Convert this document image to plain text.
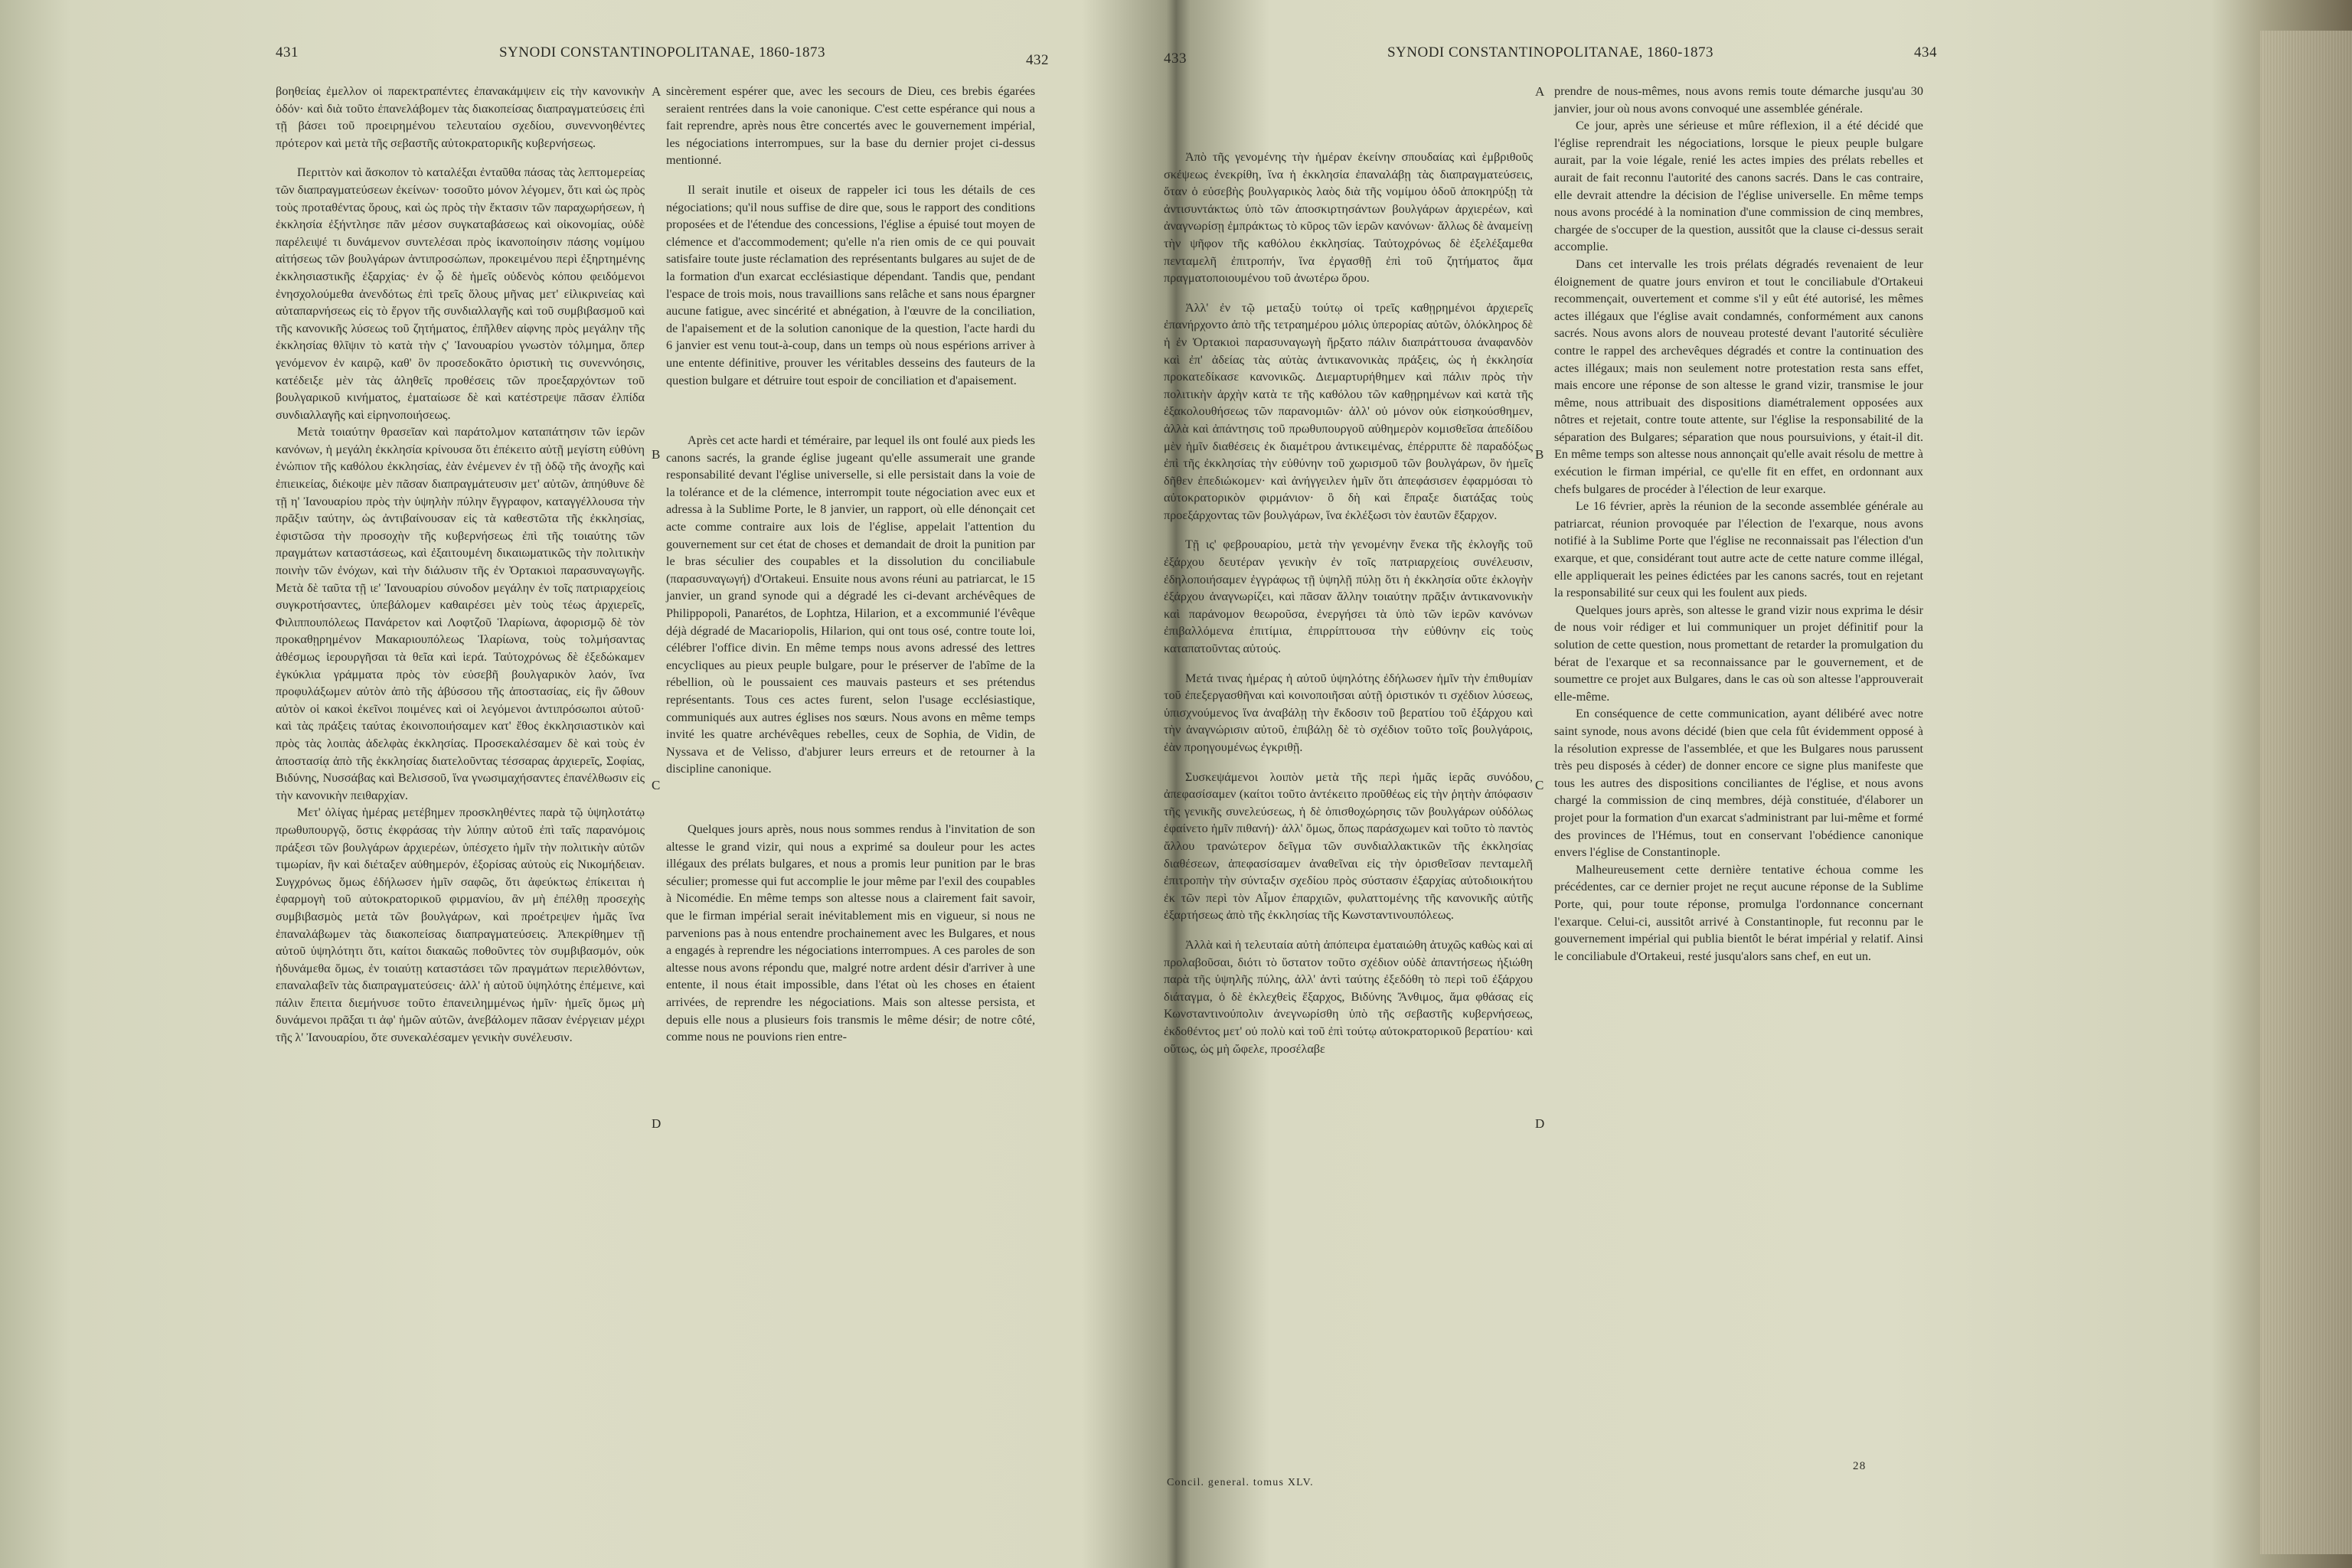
431	SYNODI CONSTANTINOPOLITANAE, 1860-1873	432

βοηθείας ἐμελλον οἱ παρεκτραπέντες ἐπανακάμψειν εἰς τὴν κανονικὴν ὁδόν· καὶ διὰ τοῦτο ἐπανελάβομεν τὰς διακοπείσας διαπραγματεύσεις ἐπὶ τῇ βάσει τοῦ προειρημένου τελευταίου σχεδίου, συνεννοηθέντες πρότερον καὶ μετὰ τῆς σεβαστῆς αὐτοκρατορικῆς κυβερνήσεως.

Περιττὸν καὶ ἄσκοπον τὸ καταλέξαι ἐνταῦθα πάσας τὰς λεπτομερείας τῶν διαπραγματεύσεων ἐκείνων· τοσοῦτο μόνον λέγομεν, ὅτι καὶ ὡς πρὸς τοὺς προταθέντας ὅρους, καὶ ὡς πρὸς τὴν ἔκτασιν τῶν παραχωρήσεων, ἡ ἐκκλησία ἐξήντλησε πᾶν μέσον συγκαταβάσεως καὶ οἰκονομίας, οὐδὲ παρέλειψέ τι δυνάμενον συντελέσαι πρὸς ἱκανοποίησιν πάσης νομίμου αἰτήσεως τῶν βουλγάρων ἀντιπροσώπων, προκειμένου περὶ ἐξηρτημένης ἐκκλησιαστικῆς ἐξαρχίας· ἐν ᾧ δὲ ἡμεῖς οὐδενὸς κόπου φειδόμενοι ἐνησχολούμεθα ἀνενδότως ἐπὶ τρεῖς ὅλους μῆνας μετ' εἰλικρινείας καὶ αὐταπαρνήσεως εἰς τὸ ἔργον τῆς συνδιαλλαγῆς καὶ τοῦ συμβιβασμοῦ καὶ τῆς κανονικῆς λύσεως τοῦ ζητήματος, ἐπῆλθεν αἰφνης πρὸς μεγάλην τῆς ἐκκλησίας θλῖψιν τὸ κατὰ τὴν ς' Ἰανουαρίου γνωστὸν τόλμημα, ὅπερ γενόμενον ἐν καιρῷ, καθ' ὃν προσεδοκᾶτο ὁριστικὴ τις συνεννόησις, κατέδειξε μὲν τὰς ἀληθεῖς προθέσεις τῶν προεξαρχόντων τοῦ βουλγαρικοῦ κινήματος, ἐματαίωσε δὲ καὶ κατέστρεψε πᾶσαν ἐλπίδα συνδιαλλαγῆς καὶ εἰρηνοποιήσεως.

Μετὰ τοιαύτην θρασεῖαν καὶ παράτολμον καταπάτησιν τῶν ἱερῶν κανόνων, ἡ μεγάλη ἐκκλησία κρίνουσα ὅτι ἐπέκειτο αὐτῇ μεγίστη εὐθύνη ἐνώπιον τῆς καθόλου ἐκκλησίας, ἐὰν ἐνέμενεν ἐν τῇ ὁδῷ τῆς ἀνοχῆς καὶ ἐπιεικείας, διέκοψε μὲν πᾶσαν διαπραγμάτευσιν μετ' αὐτῶν, ἀπηύθυνε δὲ τῇ η' Ἰανουαρίου πρὸς τὴν ὑψηλὴν πύλην ἔγγραφον, καταγγέλλουσα τὴν πρᾶξιν ταύτην, ὡς ἀντιβαίνουσαν εἰς τὰ καθεστῶτα τῆς ἐκκλησίας, ἐφιστῶσα τὴν προσοχὴν τῆς κυβερνήσεως ἐπὶ τῆς τοιαύτης τῶν πραγμάτων καταστάσεως, καὶ ἐξαιτουμένη δικαιωματικῶς τὴν πολιτικὴν ποινὴν τῶν ἐνόχων, καὶ τὴν διάλυσιν τῆς ἐν Ὀρτακιοὶ παρασυναγωγῆς. Μετὰ δὲ ταῦτα τῇ ιε' Ἰανουαρίου σύνοδον μεγάλην ἐν τοῖς πατριαρχείοις συγκροτήσαντες, ὑπεβάλομεν καθαιρέσει μὲν τοὺς τέως ἀρχιερεῖς, Φιλιππουπόλεως Πανάρετον καὶ Λοφτζοῦ Ἱλαρίωνα, ἀφορισμῷ δὲ τὸν προκαθῃρημένον Μακαριουπόλεως Ἱλαρίωνα, τοὺς τολμήσαντας ἀθέσμως ἱερουργῆσαι τὰ θεῖα καὶ ἱερά. Ταὐτοχρόνως δὲ ἐξεδώκαμεν ἐγκύκλια γράμματα πρὸς τὸν εὐσεβῆ βουλγαρικὸν λαόν, ἵνα προφυλάξωμεν αὐτὸν ἀπὸ τῆς ἀβύσσου τῆς ἀποστασίας, εἰς ἣν ὤθουν αὐτὸν οἱ κακοὶ ἐκεῖνοι ποιμένες καὶ οἱ λεγόμενοι ἀντιπρόσωποι αὐτοῦ· καὶ τὰς πράξεις ταύτας ἐκοινοποιήσαμεν κατ' ἔθος ἐκκλησιαστικὸν καὶ πρὸς τὰς λοιπὰς ἀδελφὰς ἐκκλησίας. Προσεκαλέσαμεν δὲ καὶ τοὺς ἐν ἀποστασίᾳ ἀπὸ τῆς ἐκκλησίας διατελοῦντας τέσσαρας ἀρχιερεῖς, Σοφίας, Βιδύνης, Νυσσάβας καὶ Βελισσοῦ, ἵνα γνωσιμαχήσαντες ἐπανέλθωσιν εἰς τὴν κανονικὴν πειθαρχίαν.

Μετ' ὀλίγας ἡμέρας μετέβημεν προσκληθέντες παρὰ τῷ ὑψηλοτάτῳ πρωθυπουργῷ, ὅστις ἐκφράσας τὴν λύπην αὐτοῦ ἐπὶ ταῖς παρανόμοις πράξεσι τῶν βουλγάρων ἀρχιερέων, ὑπέσχετο ἡμῖν τὴν πολιτικὴν αὐτῶν τιμωρίαν, ἣν καὶ διέταξεν αὐθημερόν, ἐξορίσας αὐτοὺς εἰς Νικομήδειαν. Συγχρόνως ὅμως ἐδήλωσεν ἡμῖν σαφῶς, ὅτι ἀφεύκτως ἐπίκειται ἡ ἐφαρμογὴ τοῦ αὐτοκρατορικοῦ φιρμανίου, ἂν μὴ ἐπέλθῃ προσεχὴς συμβιβασμὸς μετὰ τῶν βουλγάρων, καὶ προέτρεψεν ἡμᾶς ἵνα ἐπαναλάβωμεν τὰς διακοπείσας διαπραγματεύσεις. Ἀπεκρίθημεν τῇ αὐτοῦ ὑψηλότητι ὅτι, καίτοι διακαῶς ποθοῦντες τὸν συμβιβασμόν, οὐκ ἠδυνάμεθα ὅμως, ἐν τοιαύτῃ καταστάσει τῶν πραγμάτων περιελθόντων, επαναλαβεῖν τὰς διαπραγματεύσεις· ἀλλ' ἡ αὐτοῦ ὑψηλότης ἐπέμεινε, καὶ πάλιν ἔπειτα διεμήνυσε τοῦτο ἐπανειλημμένως ἡμῖν· ἡμεῖς ὅμως μὴ δυνάμενοι πρᾶξαι τι ἀφ' ἡμῶν αὐτῶν, ἀνεβάλομεν πᾶσαν ἐνέργειαν μέχρι τῆς λ' Ἰανουαρίου, ὅτε συνεκαλέσαμεν γενικὴν συνέλευσιν.

sincèrement espérer que, avec les secours de Dieu, ces brebis égarées seraient rentrées dans la voie canonique. C'est cette espérance qui nous a fait reprendre, après nous être concertés avec le gouvernement impérial, les négociations interrompues, sur la base du dernier projet ci-dessus mentionné.

Il serait inutile et oiseux de rappeler ici tous les détails de ces négociations; qu'il nous suffise de dire que, sous le rapport des conditions proposées et de l'étendue des concessions, l'église a épuisé tout moyen de clémence et d'accommodement; qu'elle n'a rien omis de ce qui pouvait satisfaire toute juste réclamation des représentants bulgares au sujet de de la formation d'un exarcat ecclésiastique dépendant. Tandis que, pendant l'espace de trois mois, nous travaillions sans relâche et sans nous épargner aucune fatigue, avec sincérité et abnégation, à l'œuvre de la conciliation, de l'apaisement et de la solution canonique de la question, l'acte hardi du 6 janvier est venu tout-à-coup, dans un temps où nous espérions arriver à une entente définitive, prouver les véritables desseins des fauteurs de la question bulgare et détruire tout espoir de conciliation et d'apaisement.

Après cet acte hardi et téméraire, par lequel ils ont foulé aux pieds les canons sacrés, la grande église jugeant qu'elle assumerait une grande responsabilité devant l'église universelle, si elle persistait dans la voie de la tolérance et de la clémence, interrompit toute négociation avec eux et adressa à la Sublime Porte, le 8 janvier, un rapport, où elle dénonçait cet acte comme contraire aux lois de l'église, appelait l'attention du gouvernement sur cet état de choses et demandait de droit la punition par le bras séculier des coupables et la dissolution du conciliabule (παρασυναγωγή) d'Ortakeui. Ensuite nous avons réuni au patriarcat, le 15 janvier, un grand synode qui a dégradé les ci-devant archévêques de Philippopoli, Panarétos, de Lophtza, Hilarion, et a excommunié l'évêque déjà dégradé de Macariopolis, Hilarion, qui ont tous osé, contre toute loi, célébrer l'office divin. En même temps nous avons adressé des lettres encycliques au pieux peuple bulgare, pour le préserver de l'abîme de la rébellion, où le poussaient ces mauvais pasteurs et ses prétendus représentants. Tous ces actes furent, selon l'usage ecclésiastique, communiqués aux autres églises nos sœurs. Nous avons en même temps invité les quatre archévêques rebelles, ceux de Sophia, de Vidin, de Nyssava et de Velisso, d'abjurer leurs erreurs et de retourner à la discipline canonique.

Quelques jours après, nous nous sommes rendus à l'invitation de son altesse le grand vizir, qui nous a exprimé sa douleur pour les actes illégaux des prélats bulgares, et nous a promis leur punition par le bras séculier; promesse qui fut accomplie le jour même par l'exil des coupables à Nicomédie. En même temps son altesse nous a clairement fait savoir, que le firman impérial serait inévitablement mis en vigueur, si nous ne parvenions pas à nous entendre prochainement avec les Bulgares, et nous a engagés à reprendre les négociations interrompues. A ces paroles de son altesse nous avons répondu que, malgré notre ardent désir d'arriver à une entente, il nous était impossible, dans l'état où les choses en étaient arrivées, de reprendre les négociations. Mais son altesse persista, et depuis elle nous a plusieurs fois transmis le même désir; de notre côté, comme nous ne pouvions rien entre-

A
B
C
D
433	SYNODI CONSTANTINOPOLITANAE, 1860-1873	434

Ἀπὸ τῆς γενομένης τὴν ἡμέραν ἐκείνην σπουδαίας καὶ ἐμβριθοῦς σκέψεως ἐνεκρίθη, ἵνα ἡ ἐκκλησία ἐπαναλάβῃ τὰς διαπραγματεύσεις, ὅταν ὁ εὐσεβὴς βουλγαρικὸς λαὸς διὰ τῆς νομίμου ὁδοῦ ἀποκηρύξῃ τὰ ἀντισυντάκτως ὑπὸ τῶν ἀποσκιρτησάντων βουλγάρων ἀρχιερέων, καὶ ἀναγνωρίσῃ ἐμπράκτως τὸ κῦρος τῶν ἱερῶν κανόνων· ἄλλως δὲ ἀναμείνῃ τὴν ψῆφον τῆς καθόλου ἐκκλησίας. Ταὐτοχρόνως δὲ ἐξελέξαμεθα πενταμελῆ ἐπιτροπήν, ἵνα ἐργασθῇ ἐπὶ τοῦ ζητήματος ἅμα πραγματοποιουμένου τοῦ ἀνωτέρω ὅρου.

Ἀλλ' ἐν τῷ μεταξὺ τούτῳ οἱ τρεῖς καθῃρημένοι ἀρχιερεῖς ἐπανήρχοντο ἀπὸ τῆς τετραημέρου μόλις ὑπερορίας αὐτῶν, ὁλόκληρος δὲ ἡ ἐν Ὀρτακιοὶ παρασυναγωγὴ ἤρξατο πάλιν διαπράττουσα ἀναφανδὸν καὶ ἐπ' ἀδείας τὰς αὐτὰς ἀντικανονικὰς πράξεις, ὡς ἡ ἐκκλησία προκατεδίκασε κανονικῶς. Διεμαρτυρήθημεν καὶ πάλιν πρὸς τὴν πολιτικὴν ἀρχὴν κατὰ τε τῆς καθόλου τῶν καθῃρημένων καὶ κατὰ τῆς ἐξακολουθήσεως τῶν παρανομιῶν· ἀλλ' οὐ μόνον οὐκ εἰσηκούσθημεν, ἀλλὰ καὶ ἀπάντησις τοῦ πρωθυπουργοῦ αὐθημερὸν κομισθεῖσα ἀπεδίδου μὲν ἡμῖν διαθέσεις ἐκ διαμέτρου ἀντικειμένας, ἐπέρριπτε δὲ παραδόξως ἐπὶ τῆς ἐκκλησίας τὴν εὐθύνην τοῦ χωρισμοῦ τῶν βουλγάρων, ὃν ἡμεῖς δῆθεν ἐπεδιώκομεν· καὶ ἀνήγγειλεν ἡμῖν ὅτι ἀπεφάσισεν ἐφαρμόσαι τὸ αὐτοκρατορικὸν φιρμάνιον· ὃ δὴ καὶ ἔπραξε διατάξας τοὺς προεξάρχοντας τῶν βουλγάρων, ἵνα ἐκλέξωσι τὸν ἑαυτῶν ἔξαρχον.

Τῇ ις' φεβρουαρίου, μετὰ τὴν γενομένην ἕνεκα τῆς ἐκλογῆς τοῦ ἐξάρχου δευτέραν γενικὴν ἐν τοῖς πατριαρχείοις συνέλευσιν, ἐδηλοποιήσαμεν ἐγγράφως τῇ ὑψηλῇ πύλῃ ὅτι ἡ ἐκκλησία οὔτε ἐκλογὴν ἐξάρχου ἀναγνωρίζει, καὶ πᾶσαν ἄλλην τοιαύτην πρᾶξιν ἀντικανονικὴν καὶ παράνομον θεωροῦσα, ἐνεργήσει τὰ ὑπὸ τῶν ἱερῶν κανόνων ἐπιβαλλόμενα ἐπιτίμια, ἐπιρρίπτουσα τὴν εὐθύνην εἰς τοὺς καταπατοῦντας αὐτούς.

Μετά τινας ἡμέρας ἡ αὐτοῦ ὑψηλότης ἐδήλωσεν ἡμῖν τὴν ἐπιθυμίαν τοῦ ἐπεξεργασθῆναι καὶ κοινοποιῆσαι αὐτῇ ὁριστικόν τι σχέδιον λύσεως, ὑπισχνούμενος ἵνα ἀναβάλῃ τὴν ἔκδοσιν τοῦ βερατίου τοῦ ἐξάρχου καὶ τὴν ἀναγνώρισιν αὐτοῦ, ἐπιβάλῃ δὲ τὸ σχέδιον τοῦτο τοῖς βουλγάροις, ἐὰν προηγουμένως ἐγκριθῇ.

Συσκεψάμενοι λοιπὸν μετὰ τῆς περὶ ἡμᾶς ἱερᾶς συνόδου, ἀπεφασίσαμεν (καίτοι τοῦτο ἀντέκειτο προῦθέως εἰς τὴν ῥητὴν ἀπόφασιν τῆς γενικῆς συνελεύσεως, ἡ δὲ ὁπισθοχώρησις τῶν βουλγάρων οὐδόλως ἐφαίνετο ἡμῖν πιθανή)· ἀλλ' ὅμως, ὅπως παράσχωμεν καὶ τοῦτο τὸ παντὸς ἄλλου τρανώτερον δεῖγμα τῶν συνδιαλλακτικῶν τῆς ἐκκλησίας διαθέσεων, ἀπεφασίσαμεν ἀναθεῖναι εἰς τὴν ὀρισθεῖσαν πενταμελῆ ἐπιτροπὴν τὴν σύνταξιν σχεδίου πρὸς σύστασιν ἐξαρχίας αὐτοδιοικήτου ἐκ τῶν περὶ τὸν Αἷμον ἐπαρχιῶν, φυλαττομένης τῆς κανονικῆς αὐτῆς ἐξαρτήσεως ἀπὸ τῆς ἐκκλησίας τῆς Κωνσταντινουπόλεως.

Ἀλλὰ καὶ ἡ τελευταία αὐτὴ ἀπόπειρα ἐματαιώθη ἀτυχῶς καθὼς καὶ αἱ προλαβοῦσαι, διότι τὸ ὕστατον τοῦτο σχέδιον οὐδὲ ἀπαντήσεως ἠξιώθη παρὰ τῆς ὑψηλῆς πύλης, ἀλλ' ἀντὶ ταύτης ἐξεδόθη τὸ περὶ τοῦ ἐξάρχου διάταγμα, ὁ δὲ ἐκλεχθεὶς ἔξαρχος, Βιδύνης Ἄνθιμος, ἅμα φθάσας εἰς Κωνσταντινούπολιν ἀνεγνωρίσθη ὑπὸ τῆς σεβαστῆς κυβερνήσεως, ἐκδοθέντος μετ' οὐ πολὺ καὶ τοῦ ἐπὶ τούτῳ αὐτοκρατορικοῦ βερατίου· καὶ οὕτως, ὡς μὴ ὤφελε, προσέλαβε

prendre de nous-mêmes, nous avons remis toute démarche jusqu'au 30 janvier, jour où nous avons convoqué une assemblée générale.

Ce jour, après une sérieuse et mûre réflexion, il a été décidé que l'église reprendrait les négociations, lorsque le pieux peuple bulgare aurait, par la voie légale, renié les actes impies des prélats rebelles et aurait de fait reconnu l'autorité des canons sacrés. Dans le cas contraire, elle devrait attendre la décision de l'église universelle. En même temps nous avons procédé à la nomination d'une commission de cinq membres, chargée de s'occuper de la question, aussitôt que la clause ci-dessus serait accomplie.

Dans cet intervalle les trois prélats dégradés revenaient de leur éloignement de quatre jours environ et tout le conciliabule d'Ortakeui recommençait, ouvertement et comme s'il y eût été autorisé, les mêmes actes illégaux que l'église avait condamnés, conformément aux canons sacrés. Nous avons alors de nouveau protesté devant l'autorité séculière contre le rappel des archevêques dégradés et contre la continuation des actes illégaux; mais non seulement notre protestation resta sans effet, mais encore une réponse de son altesse le grand vizir, transmise le jour même, nous attribuait des dispositions diamétralement opposées aux nôtres et rejetait, contre toute attente, sur l'église la responsabilité de la séparation des Bulgares; séparation que nous poursuivions, y était-il dit. En même temps son altesse nous annonçait qu'elle avait résolu de mettre à exécution le firman impérial, ce qu'elle fit en effet, en ordonnant aux chefs bulgares de procéder à l'élection de leur exarque.

Le 16 février, après la réunion de la seconde assemblée générale au patriarcat, réunion provoquée par l'élection de l'exarque, nous avons notifié à la Sublime Porte que l'église ne reconnaissait pas l'élection d'un exarque, et que, considérant tout autre acte de cette nature comme illégal, elle appliquerait les peines édictées par les canons sacrés, tout en rejetant la responsabilité sur ceux qui les foulent aux pieds.

Quelques jours après, son altesse le grand vizir nous exprima le désir de nous voir rédiger et lui communiquer un projet définitif pour la solution de cette question, nous promettant de retarder la promulgation du bérat de l'exarque et sa reconnaissance par le gouvernement, et de soumettre ce projet aux Bulgares, dans le cas où son altesse l'approuverait elle-même.

En conséquence de cette communication, ayant délibéré avec notre saint synode, nous avons décidé (bien que cela fût évidemment opposé à la résolution expresse de l'assemblée, et que les Bulgares nous parussent très peu disposés à céder) de donner encore ce signe plus manifeste que tous les autres des dispositions conciliantes de l'église, et nous avons chargé la commission de cinq membres, déjà constituée, d'élaborer un projet pour la formation d'un exarcat s'administrant par lui-même et formé des provinces de l'Hémus, tout en conservant l'obédience canonique envers l'église de Constantinople.

Malheureusement cette dernière tentative échoua comme les précédentes, car ce dernier projet ne reçut aucune réponse de la Sublime Porte, qui, pour toute réponse, promulga l'ordonnance concernant l'exarque. Celui-ci, aussitôt arrivé à Constantinople, fut reconnu par le gouvernement impérial qui publia bientôt le bérat impérial y relatif. Ainsi le conciliabule d'Ortakeui, resté jusqu'alors sans chef, en eut un.

A
B
C
D
Concil. general. tomus XLV.
28
